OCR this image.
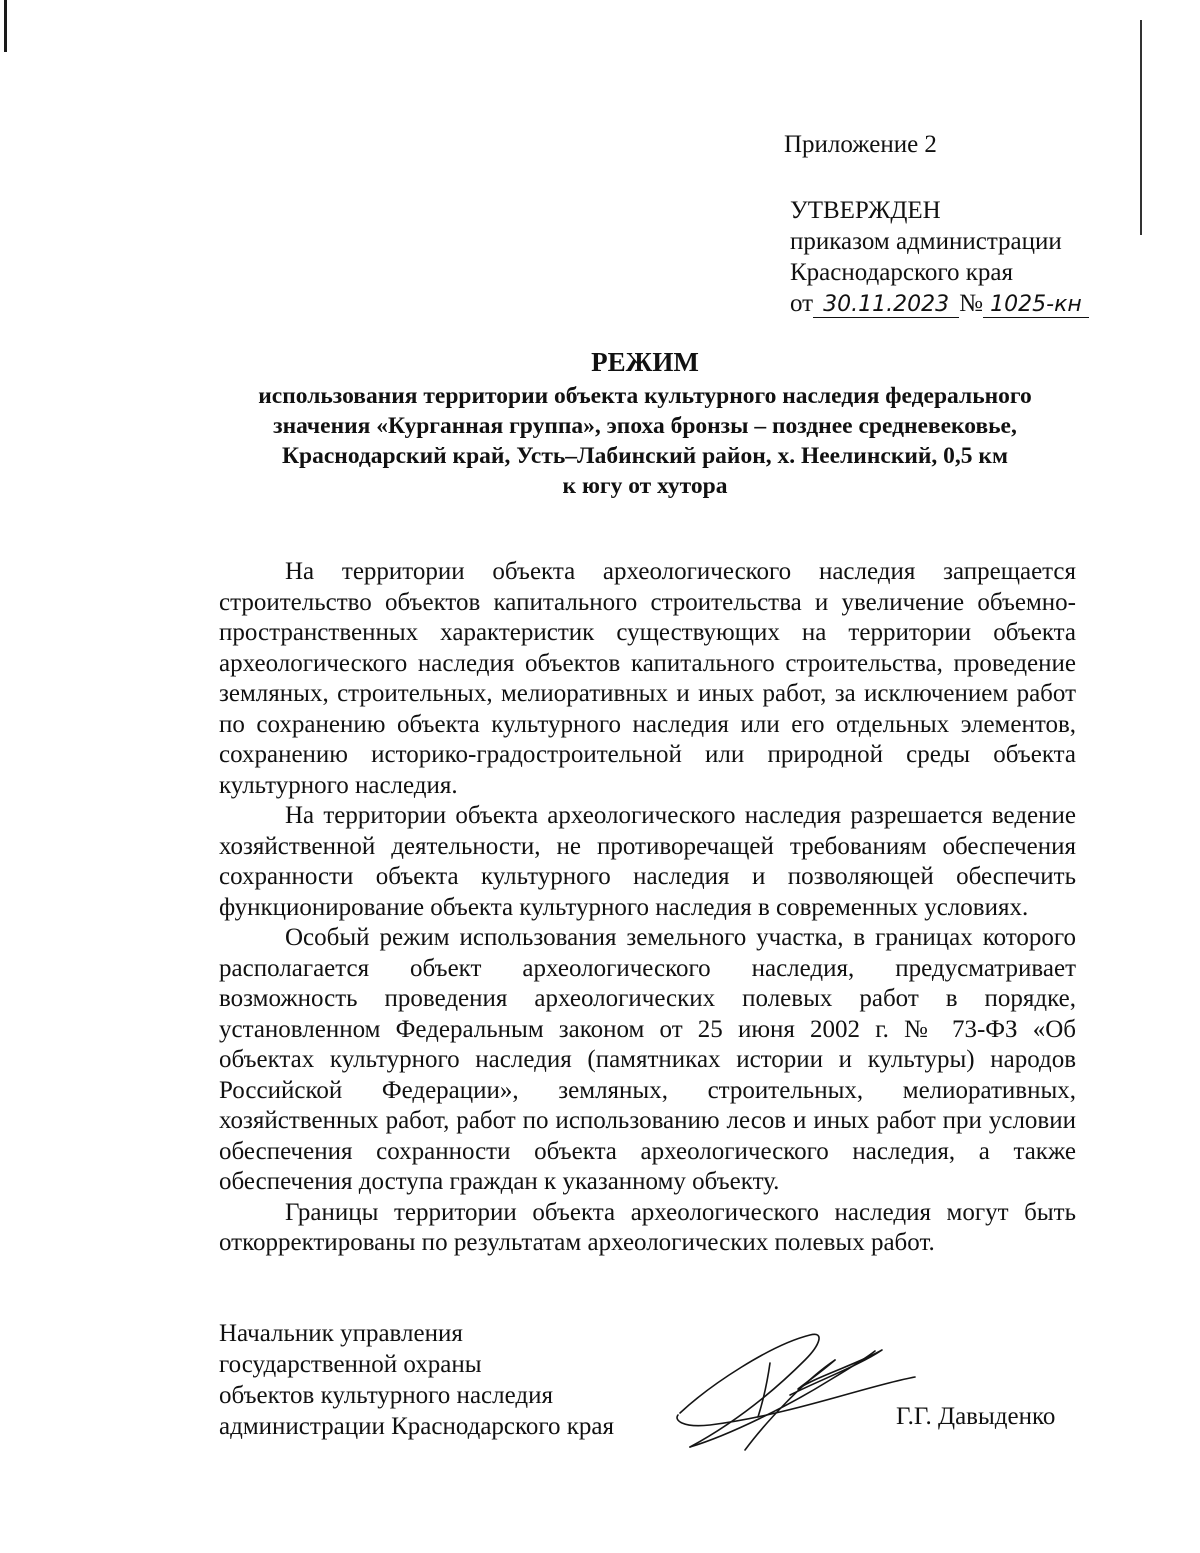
Приложение 2
УТВЕРЖДЕН
приказом администрации
Краснодарского края
от 30.11.2023 № 1025-кн
РЕЖИМ
использования территории объекта культурного наследия федерального
значения «Курганная группа», эпоха бронзы – позднее средневековье,
Краснодарский край, Усть–Лабинский район, х. Неелинский, 0,5 км
к югу от хутора

На территории объекта археологического наследия запрещается строительство объектов капитального строительства и увеличение объемно-пространственных характеристик существующих на территории объекта археологического наследия объектов капитального строительства, проведение земляных, строительных, мелиоративных и иных работ, за исключением работ по сохранению объекта культурного наследия или его отдельных элементов, сохранению историко-градостроительной или природной среды объекта культурного наследия.

На территории объекта археологического наследия разрешается ведение хозяйственной деятельности, не противоречащей требованиям обеспечения сохранности объекта культурного наследия и позволяющей обеспечить функционирование объекта культурного наследия в современных условиях.

Особый режим использования земельного участка, в границах которого располагается объект археологического наследия, предусматривает возможность проведения археологических полевых работ в порядке, установленном Федеральным законом от 25 июня 2002 г. № 73-ФЗ «Об объектах культурного наследия (памятниках истории и культуры) народов Российской Федерации», земляных, строительных, мелиоративных, хозяйственных работ, работ по использованию лесов и иных работ при условии обеспечения сохранности объекта археологического наследия, а также обеспечения доступа граждан к указанному объекту.

Границы территории объекта археологического наследия могут быть откорректированы по результатам археологических полевых работ.

Начальник управления
государственной охраны
объектов культурного наследия
администрации Краснодарского края	Г.Г. Давыденко
